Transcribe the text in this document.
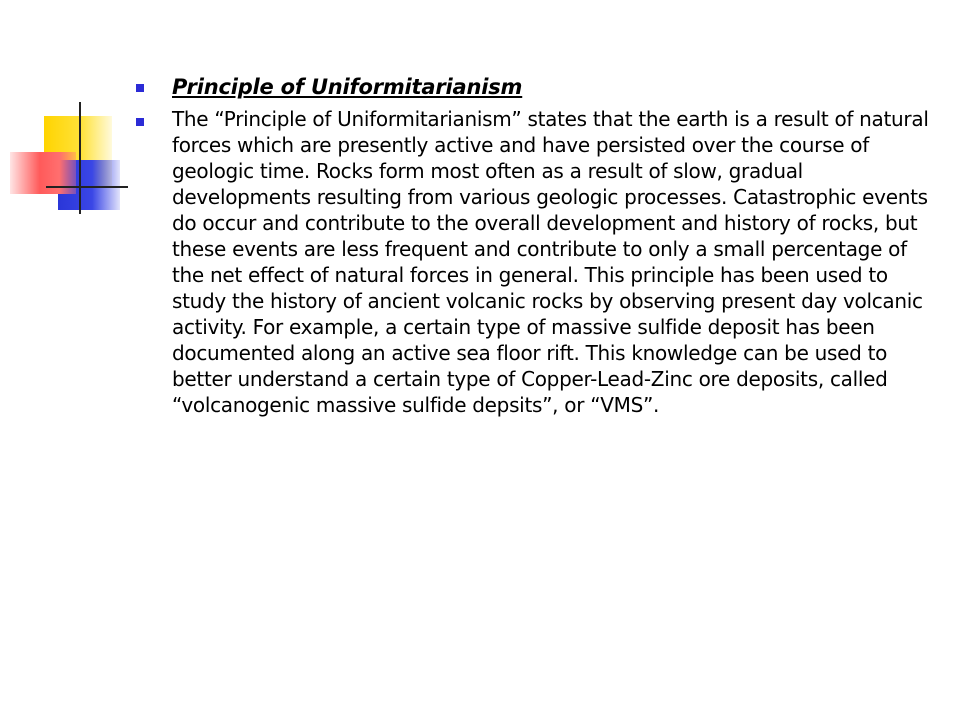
Principle of Uniformitarianism

The “Principle of Uniformitarianism” states that the earth is a result of natural forces which are presently active and have persisted over the course of geologic time. Rocks form most often as a result of slow, gradual developments resulting from various geologic processes. Catastrophic events do occur and contribute to the overall development and history of rocks, but these events are less frequent and contribute to only a small percentage of the net effect of natural forces in general. This principle has been used to study the history of ancient volcanic rocks by observing present day volcanic activity. For example, a certain type of massive sulfide deposit has been documented along an active sea floor rift. This knowledge can be used to better understand a certain type of Copper-Lead-Zinc ore deposits, called “volcanogenic massive sulfide depsits”, or “VMS”.
